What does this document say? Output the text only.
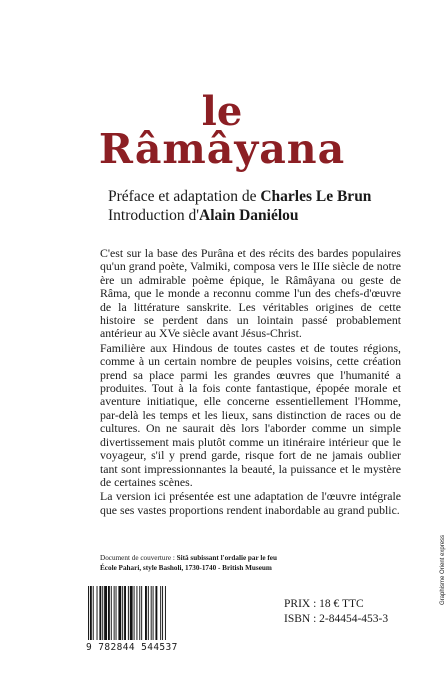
le
Râmâyana
Préface et adaptation de Charles Le Brun
Introduction d'Alain Daniélou

C'est sur la base des Purâna et des récits des bardes populaires qu'un grand poète, Valmiki, composa vers le IIIe siècle de notre ère un admirable poème épique, le Râmâyana ou geste de Râma, que le monde a reconnu comme l'un des chefs-d'œuvre de la littérature sanskrite. Les véritables origines de cette histoire se perdent dans un lointain passé probablement antérieur au XVe siècle avant Jésus-Christ.

Familière aux Hindous de toutes castes et de toutes régions, comme à un certain nombre de peuples voisins, cette création prend sa place parmi les grandes œuvres que l'humanité a produites. Tout à la fois conte fantastique, épopée morale et aventure initiatique, elle concerne essentiellement l'Homme, par-delà les temps et les lieux, sans distinction de races ou de cultures. On ne saurait dès lors l'aborder comme un simple divertissement mais plutôt comme un itinéraire intérieur que le voyageur, s'il y prend garde, risque fort de ne jamais oublier tant sont impressionnantes la beauté, la puissance et le mystère de certaines scènes.

La version ici présentée est une adaptation de l'œuvre intégrale que ses vastes proportions rendent inabordable au grand public.

Document de couverture : Sitâ subissant l'ordalie par le feu
École Pahari, style Basholi, 1730-1740 - British Museum
9 782844 544537
PRIX : 18 € TTC
ISBN : 2-84454-453-3
Graphisme Orient express
